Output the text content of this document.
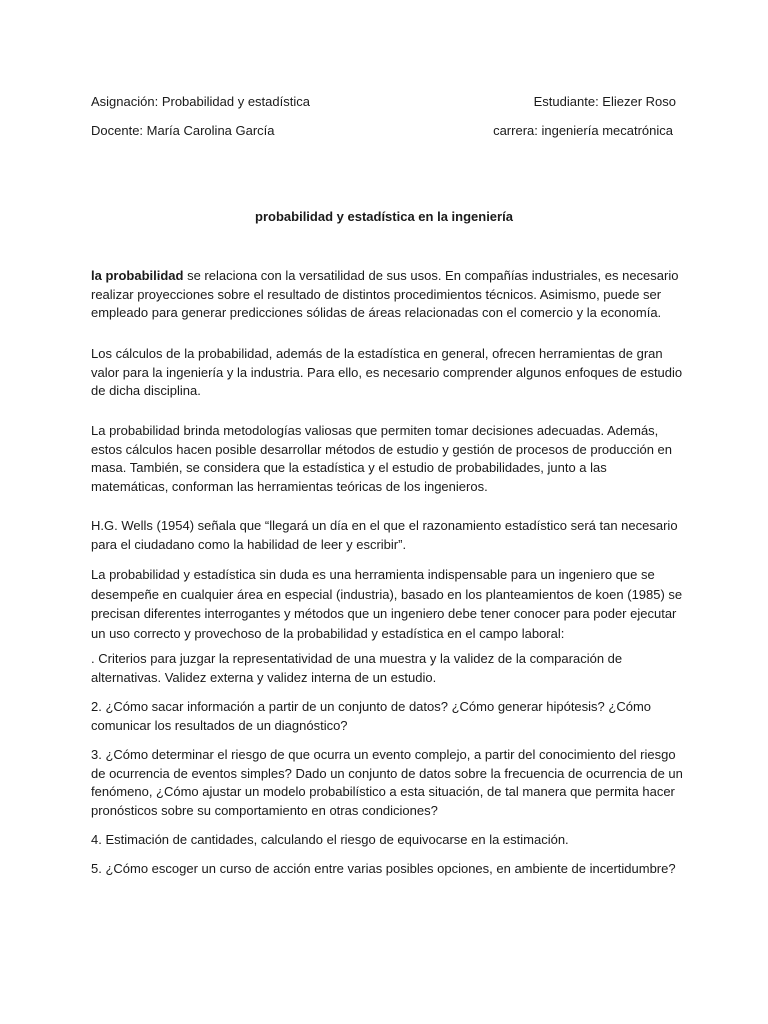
Asignación: Probabilidad y estadística	Estudiante: Eliezer Roso
Docente: María Carolina García	carrera: ingeniería mecatrónica
probabilidad y estadística en la ingeniería

la probabilidad se relaciona con la versatilidad de sus usos. En compañías industriales, es necesario realizar proyecciones sobre el resultado de distintos procedimientos técnicos. Asimismo, puede ser empleado para generar predicciones sólidas de áreas relacionadas con el comercio y la economía.

Los cálculos de la probabilidad, además de la estadística en general, ofrecen herramientas de gran valor para la ingeniería y la industria. Para ello, es necesario comprender algunos enfoques de estudio de dicha disciplina.

La probabilidad brinda metodologías valiosas que permiten tomar decisiones adecuadas. Además, estos cálculos hacen posible desarrollar métodos de estudio y gestión de procesos de producción en masa. También, se considera que la estadística y el estudio de probabilidades, junto a las matemáticas, conforman las herramientas teóricas de los ingenieros.

H.G. Wells (1954) señala que “llegará un día en el que el razonamiento estadístico será tan necesario para el ciudadano como la habilidad de leer y escribir”.

La probabilidad y estadística sin duda es una herramienta indispensable para un ingeniero que se desempeñe en cualquier área en especial (industria), basado en los planteamientos de koen (1985) se precisan diferentes interrogantes y métodos que un ingeniero debe tener conocer para poder ejecutar un uso correcto y provechoso de la probabilidad y estadística en el campo laboral:

. Criterios para juzgar la representatividad de una muestra y la validez de la comparación de alternativas. Validez externa y validez interna de un estudio.

2. ¿Cómo sacar información a partir de un conjunto de datos? ¿Cómo generar hipótesis? ¿Cómo comunicar los resultados de un diagnóstico?

3. ¿Cómo determinar el riesgo de que ocurra un evento complejo, a partir del conocimiento del riesgo de ocurrencia de eventos simples? Dado un conjunto de datos sobre la frecuencia de ocurrencia de un fenómeno, ¿Cómo ajustar un modelo probabilístico a esta situación, de tal manera que permita hacer pronósticos sobre su comportamiento en otras condiciones?

4. Estimación de cantidades, calculando el riesgo de equivocarse en la estimación.

5. ¿Cómo escoger un curso de acción entre varias posibles opciones, en ambiente de incertidumbre?
